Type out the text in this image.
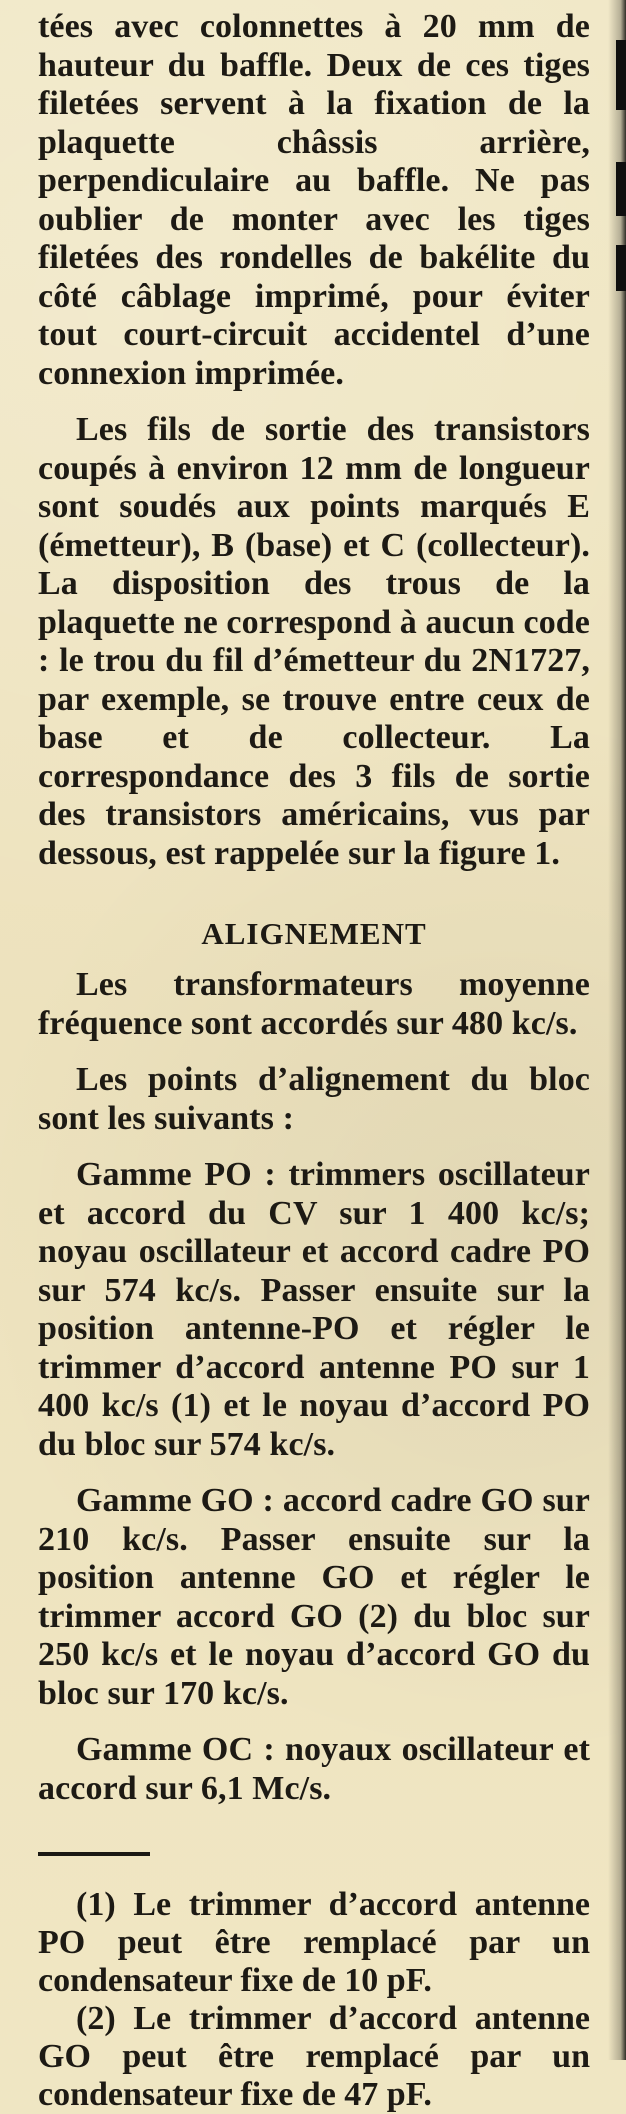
tées avec colonnettes à 20 mm de hauteur du baffle. Deux de ces tiges filetées servent à la fixation de la plaquette châssis arrière, perpendiculaire au baffle. Ne pas oublier de monter avec les tiges filetées des rondelles de bakélite du côté câblage imprimé, pour éviter tout court-circuit accidentel d’une connexion imprimée.

Les fils de sortie des transistors coupés à environ 12 mm de longueur sont soudés aux points marqués E (émetteur), B (base) et C (collecteur). La disposition des trous de la plaquette ne correspond à aucun code : le trou du fil d’émetteur du 2N1727, par exemple, se trouve entre ceux de base et de collecteur. La correspondance des 3 fils de sortie des transistors américains, vus par dessous, est rappelée sur la figure 1.

ALIGNEMENT

Les transformateurs moyenne fréquence sont accordés sur 480 kc/s.

Les points d’alignement du bloc sont les suivants :

Gamme PO : trimmers oscillateur et accord du CV sur 1 400 kc/s; noyau oscillateur et accord cadre PO sur 574 kc/s. Passer ensuite sur la position antenne-PO et régler le trimmer d’accord antenne PO sur 1 400 kc/s (1) et le noyau d’accord PO du bloc sur 574 kc/s.

Gamme GO : accord cadre GO sur 210 kc/s. Passer ensuite sur la position antenne GO et régler le trimmer accord GO (2) du bloc sur 250 kc/s et le noyau d’accord GO du bloc sur 170 kc/s.

Gamme OC : noyaux oscillateur et accord sur 6,1 Mc/s.

(1) Le trimmer d’accord antenne PO peut être remplacé par un condensateur fixe de 10 pF.

(2) Le trimmer d’accord antenne GO peut être remplacé par un condensateur fixe de 47 pF.
